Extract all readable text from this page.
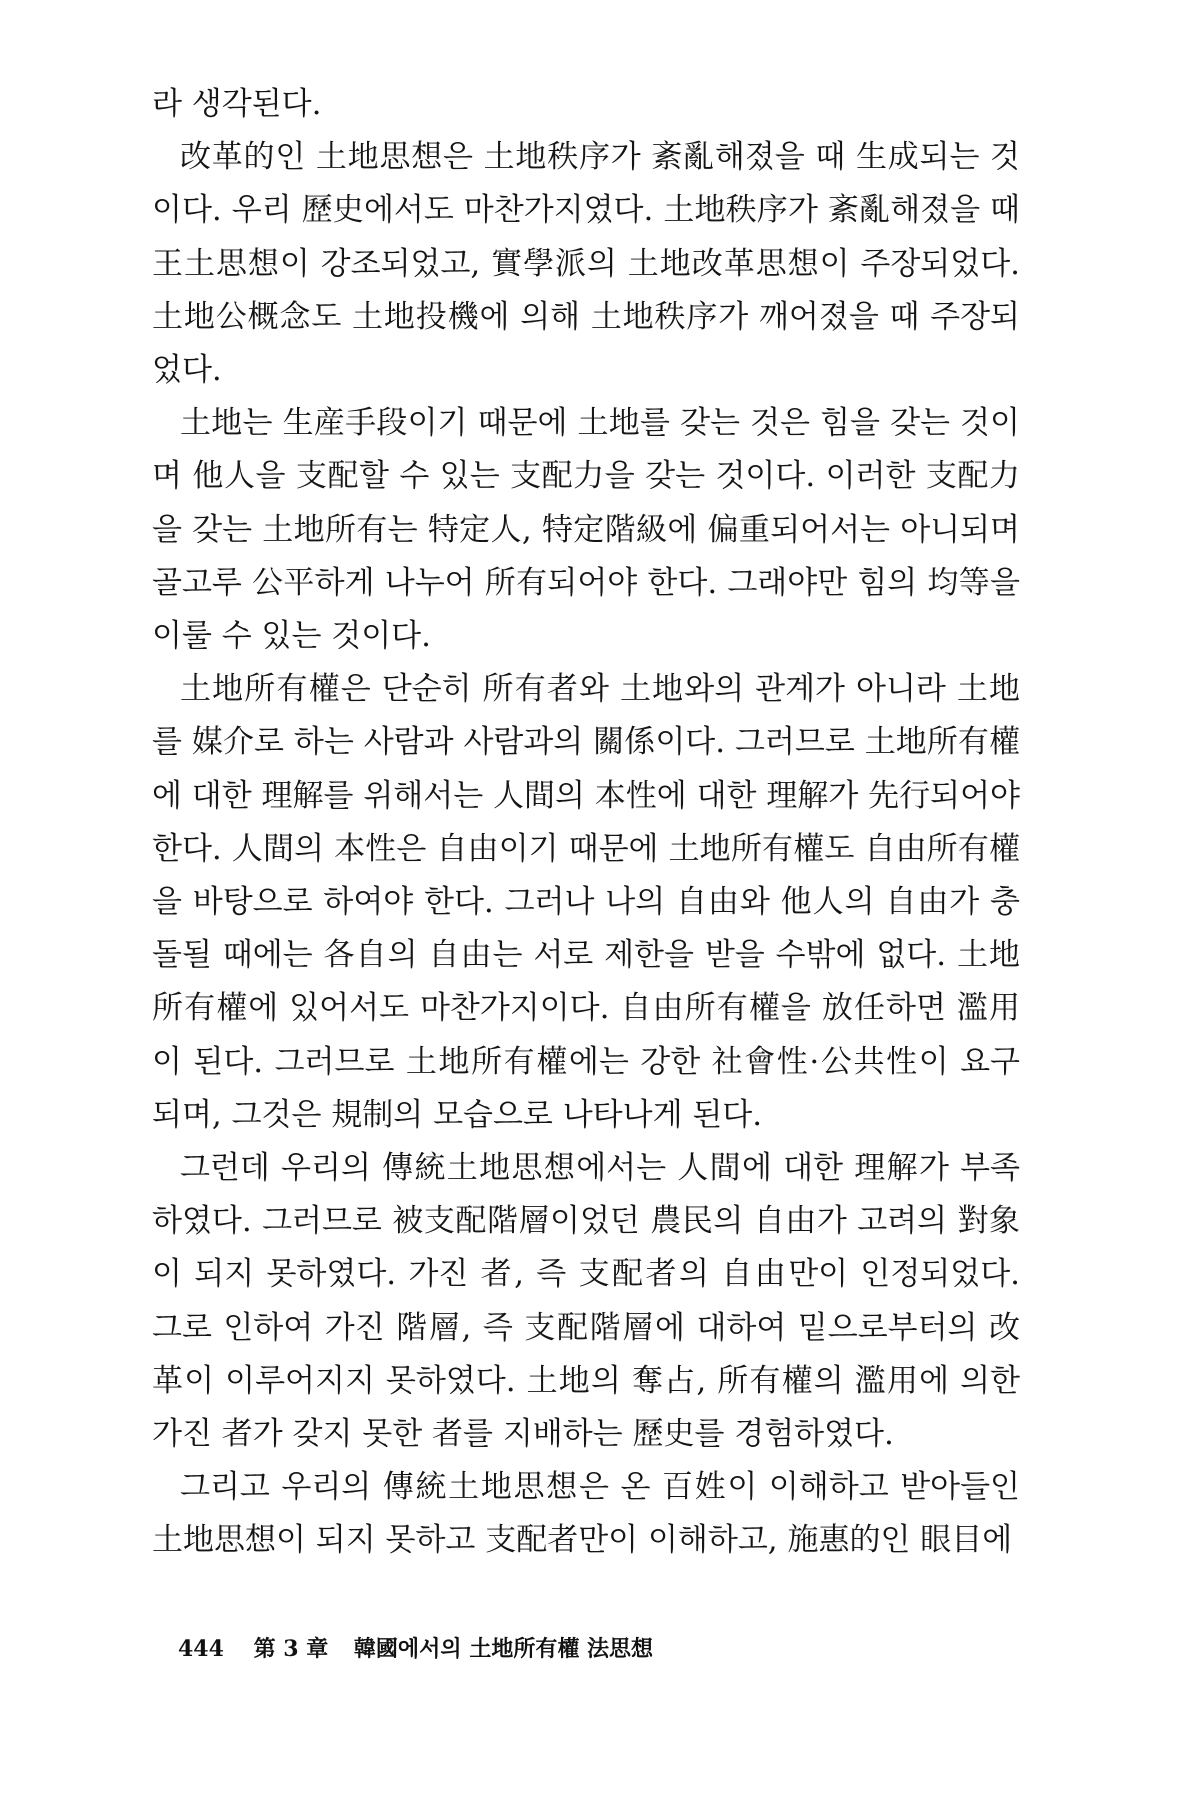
라 생각된다.

改革的인 土地思想은 土地秩序가 紊亂해졌을 때 生成되는 것이다. 우리 歷史에서도 마찬가지였다. 土地秩序가 紊亂해졌을 때 王土思想이 강조되었고, 實學派의 土地改革思想이 주장되었다. 土地公概念도 土地投機에 의해 土地秩序가 깨어졌을 때 주장되었다.

土地는 生産手段이기 때문에 土地를 갖는 것은 힘을 갖는 것이며 他人을 支配할 수 있는 支配力을 갖는 것이다. 이러한 支配力을 갖는 土地所有는 特定人, 特定階級에 偏重되어서는 아니되며 골고루 公平하게 나누어 所有되어야 한다. 그래야만 힘의 均等을 이룰 수 있는 것이다.

土地所有權은 단순히 所有者와 土地와의 관계가 아니라 土地를 媒介로 하는 사람과 사람과의 關係이다. 그러므로 土地所有權에 대한 理解를 위해서는 人間의 本性에 대한 理解가 先行되어야 한다. 人間의 本性은 自由이기 때문에 土地所有權도 自由所有權을 바탕으로 하여야 한다. 그러나 나의 自由와 他人의 自由가 충돌될 때에는 各自의 自由는 서로 제한을 받을 수밖에 없다. 土地所有權에 있어서도 마찬가지이다. 自由所有權을 放任하면 濫用이 된다. 그러므로 土地所有權에는 강한 社會性·公共性이 요구되며, 그것은 規制의 모습으로 나타나게 된다.

그런데 우리의 傳統土地思想에서는 人間에 대한 理解가 부족하였다. 그러므로 被支配階層이었던 農民의 自由가 고려의 對象이 되지 못하였다. 가진 者, 즉 支配者의 自由만이 인정되었다. 그로 인하여 가진 階層, 즉 支配階層에 대하여 밑으로부터의 改革이 이루어지지 못하였다. 土地의 奪占, 所有權의 濫用에 의한 가진 者가 갖지 못한 者를 지배하는 歷史를 경험하였다.

그리고 우리의 傳統土地思想은 온 百姓이 이해하고 받아들인 土地思想이 되지 못하고 支配者만이 이해하고, 施惠的인 眼目에

444 第 3 章 韓國에서의 土地所有權 法思想
